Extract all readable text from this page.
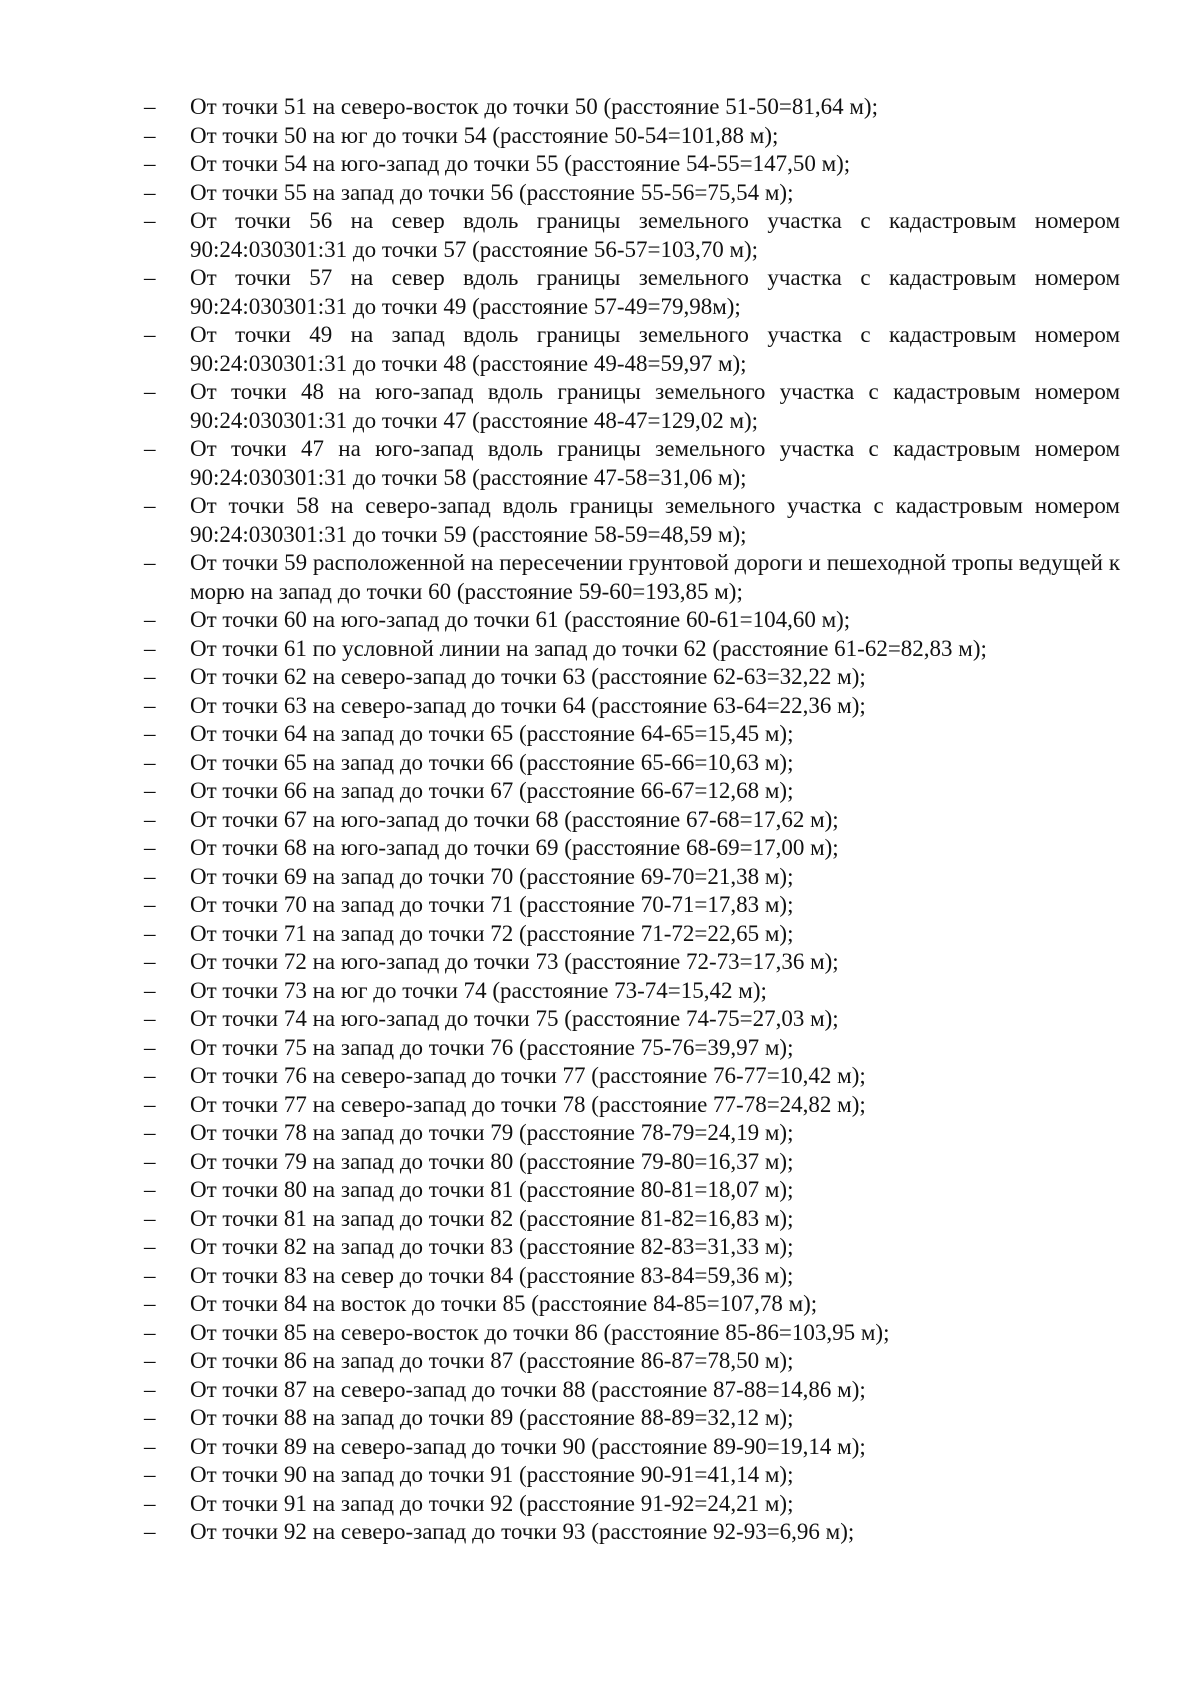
–	От точки 51 на северо-восток до точки 50 (расстояние 51-50=81,64 м);
–	От точки 50 на юг до точки 54 (расстояние 50-54=101,88 м);
–	От точки 54 на юго-запад до точки 55 (расстояние 54-55=147,50 м);
–	От точки 55 на запад до точки 56 (расстояние 55-56=75,54 м);
–	От точки 56 на север вдоль границы земельного участка с кадастровым номером 90:24:030301:31 до точки 57 (расстояние 56-57=103,70 м);
–	От точки 57 на север вдоль границы земельного участка с кадастровым номером 90:24:030301:31 до точки 49 (расстояние 57-49=79,98м);
–	От точки 49 на запад вдоль границы земельного участка с кадастровым номером 90:24:030301:31 до точки 48 (расстояние 49-48=59,97 м);
–	От точки 48 на юго-запад вдоль границы земельного участка с кадастровым номером 90:24:030301:31 до точки 47 (расстояние 48-47=129,02 м);
–	От точки 47 на юго-запад вдоль границы земельного участка с кадастровым номером 90:24:030301:31 до точки 58 (расстояние 47-58=31,06 м);
–	От точки 58 на северо-запад вдоль границы земельного участка с кадастровым номером 90:24:030301:31 до точки 59 (расстояние 58-59=48,59 м);
–	От точки 59 расположенной на пересечении грунтовой дороги и пешеходной тропы ведущей к морю на запад до точки 60 (расстояние 59-60=193,85 м);
–	От точки 60 на юго-запад до точки 61 (расстояние 60-61=104,60 м);
–	От точки 61 по условной линии на запад до точки 62 (расстояние 61-62=82,83 м);
–	От точки 62 на северо-запад до точки 63 (расстояние 62-63=32,22 м);
–	От точки 63 на северо-запад до точки 64 (расстояние 63-64=22,36 м);
–	От точки 64 на запад до точки 65 (расстояние 64-65=15,45 м);
–	От точки 65 на запад до точки 66 (расстояние 65-66=10,63 м);
–	От точки 66 на запад до точки 67 (расстояние 66-67=12,68 м);
–	От точки 67 на юго-запад до точки 68 (расстояние 67-68=17,62 м);
–	От точки 68 на юго-запад до точки 69 (расстояние 68-69=17,00 м);
–	От точки 69 на запад до точки 70 (расстояние 69-70=21,38 м);
–	От точки 70 на запад до точки 71 (расстояние 70-71=17,83 м);
–	От точки 71 на запад до точки 72 (расстояние 71-72=22,65 м);
–	От точки 72 на юго-запад до точки 73 (расстояние 72-73=17,36 м);
–	От точки 73 на юг до точки 74 (расстояние 73-74=15,42 м);
–	От точки 74 на юго-запад до точки 75 (расстояние 74-75=27,03 м);
–	От точки 75 на запад до точки 76 (расстояние 75-76=39,97 м);
–	От точки 76 на северо-запад до точки 77 (расстояние 76-77=10,42 м);
–	От точки 77 на северо-запад до точки 78 (расстояние 77-78=24,82 м);
–	От точки 78 на запад до точки 79 (расстояние 78-79=24,19 м);
–	От точки 79 на запад до точки 80 (расстояние 79-80=16,37 м);
–	От точки 80 на запад до точки 81 (расстояние 80-81=18,07 м);
–	От точки 81 на запад до точки 82 (расстояние 81-82=16,83 м);
–	От точки 82 на запад до точки 83 (расстояние 82-83=31,33 м);
–	От точки 83 на север до точки 84 (расстояние 83-84=59,36 м);
–	От точки 84 на восток до точки 85 (расстояние 84-85=107,78 м);
–	От точки 85 на северо-восток до точки 86 (расстояние 85-86=103,95 м);
–	От точки 86 на запад до точки 87 (расстояние 86-87=78,50 м);
–	От точки 87 на северо-запад до точки 88 (расстояние 87-88=14,86 м);
–	От точки 88 на запад до точки 89 (расстояние 88-89=32,12 м);
–	От точки 89 на северо-запад до точки 90 (расстояние 89-90=19,14 м);
–	От точки 90 на запад до точки 91 (расстояние 90-91=41,14 м);
–	От точки 91 на запад до точки 92 (расстояние 91-92=24,21 м);
–	От точки 92 на северо-запад до точки 93 (расстояние 92-93=6,96 м);
